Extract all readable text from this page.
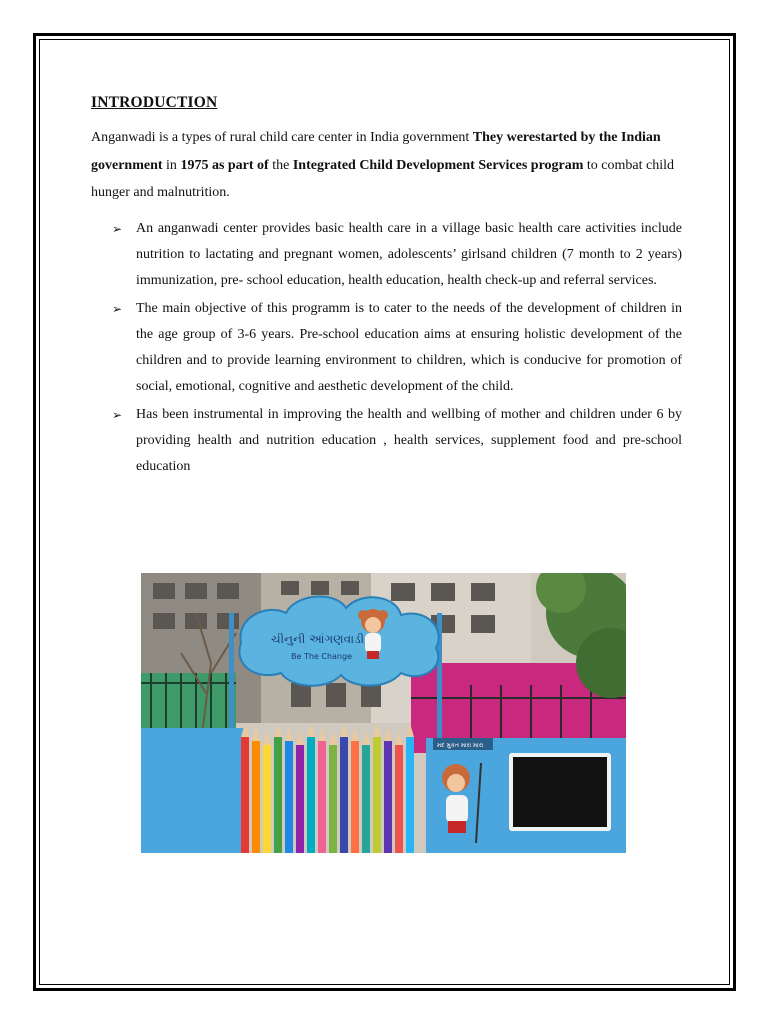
INTRODUCTION
Anganwadi is a types of rural child care center in India government They werestarted by the Indian government in 1975 as part of the Integrated Child Development Services program to combat child hunger and malnutrition.
➢ An anganwadi center provides basic health care in a village basic health care activities include nutrition to lactating and pregnant women, adolescents’ girlsand children (7 month to 2 years) immunization, pre- school education, health education, health check-up and referral services.
➢ The main objective of this programm is to cater to the needs of the development of children in the age group of 3-6 years. Pre-school education aims at ensuring holistic development of the children and to provide learning environment to children, which is conducive for promotion of social, emotional, cognitive and aesthetic development of the child.
➢ Has been instrumental in improving the health and wellbing of mother and children under 6 by providing health and nutrition education , health services, supplement food and pre-school education
ચીનુની આંગણવાડી
Be The Change
મદ મુકત મારા મારા
